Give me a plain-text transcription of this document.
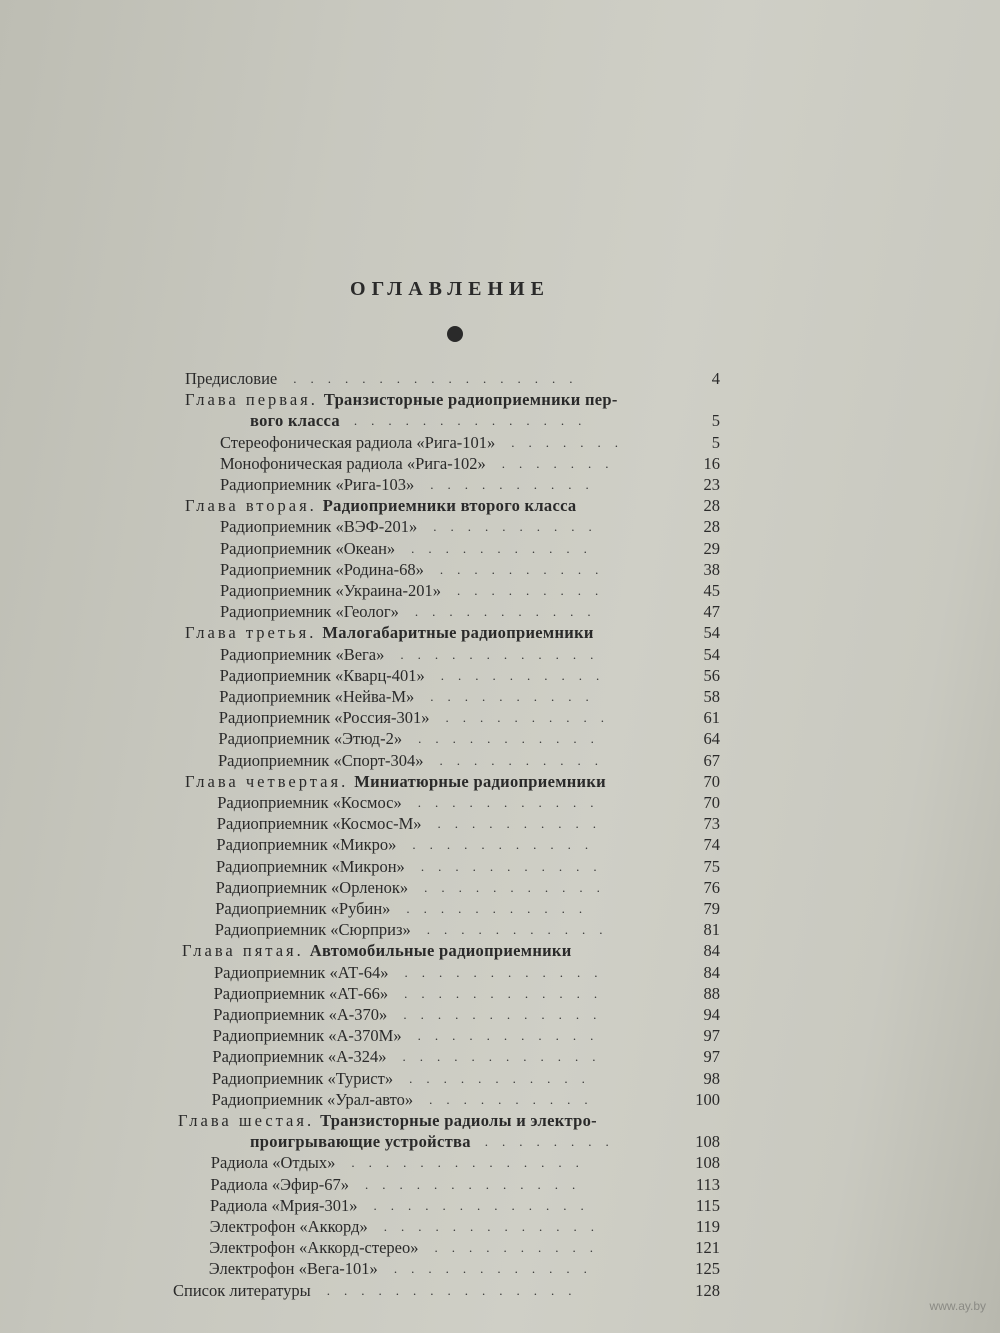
ОГЛАВЛЕНИЕ
Предисловие .................	4
Глава первая. Транзисторные радиоприемники пер-
вого класса ..............	5
Стереофоническая радиола «Рига-101» .......	5
Монофоническая радиола «Рига-102» .......	16
Радиоприемник «Рига-103» ..........	23
Глава вторая. Радиоприемники второго класса	28
Радиоприемник «ВЭФ-201» ..........	28
Радиоприемник «Океан» ...........	29
Радиоприемник «Родина-68» ..........	38
Радиоприемник «Украина-201» .........	45
Радиоприемник «Геолог» ...........	47
Глава третья. Малогабаритные радиоприемники	54
Радиоприемник «Вега» ............	54
Радиоприемник «Кварц-401» ..........	56
Радиоприемник «Нейва-М» ..........	58
Радиоприемник «Россия-301» ..........	61
Радиоприемник «Этюд-2» ...........	64
Радиоприемник «Спорт-304» ..........	67
Глава четвертая. Миниатюрные радиоприемники	70
Радиоприемник «Космос» ...........	70
Радиоприемник «Космос-М» ..........	73
Радиоприемник «Микро» ...........	74
Радиоприемник «Микрон» ...........	75
Радиоприемник «Орленок» ...........	76
Радиоприемник «Рубин» ...........	79
Радиоприемник «Сюрприз» ...........	81
Глава пятая. Автомобильные радиоприемники	84
Радиоприемник «АТ-64» ............	84
Радиоприемник «АТ-66» ............	88
Радиоприемник «А-370» ............	94
Радиоприемник «А-370М» ...........	97
Радиоприемник «А-324» ............	97
Радиоприемник «Турист» ...........	98
Радиоприемник «Урал-авто» ..........	100
Глава шестая. Транзисторные радиолы и электро-
проигрывающие устройства ........	108
Радиола «Отдых» ..............	108
Радиола «Эфир-67» .............	113
Радиола «Мрия-301» .............	115
Электрофон «Аккорд» .............	119
Электрофон «Аккорд-стерео» ..........	121
Электрофон «Вега-101» ............	125
Список литературы ...............	128
www.ay.by
